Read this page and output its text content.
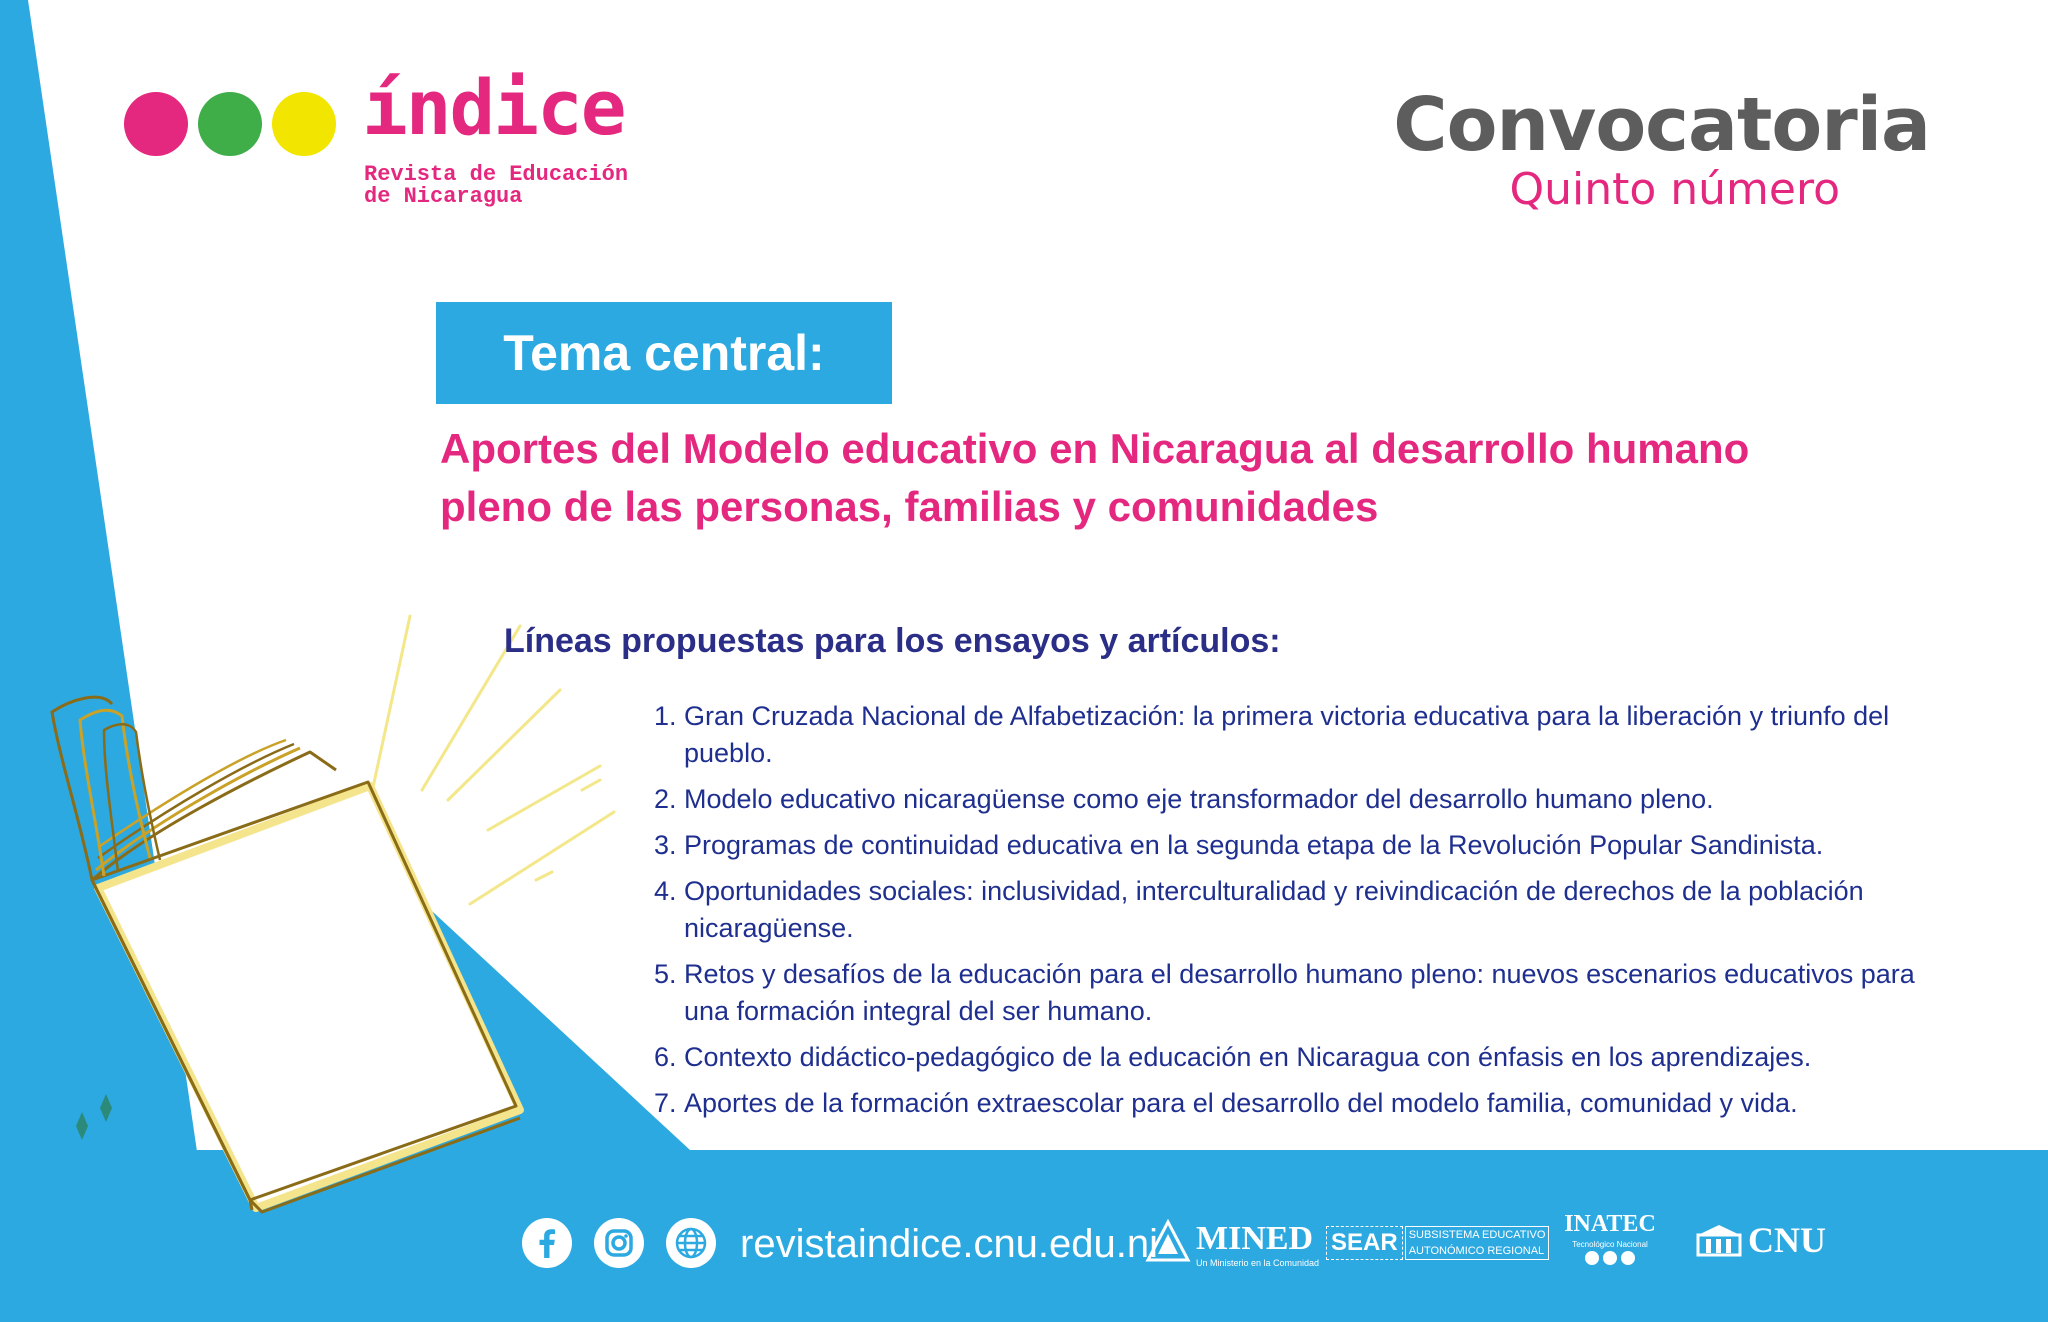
índice
Revista de Educación
de Nicaragua
Convocatoria
Quinto número
Tema central:
Aportes del Modelo educativo en Nicaragua al desarrollo humano pleno de las personas, familias y comunidades
Líneas propuestas para los ensayos y artículos:
1. Gran Cruzada Nacional de Alfabetización: la primera victoria educativa para la liberación y triunfo del pueblo.
2. Modelo educativo nicaragüense como eje transformador del desarrollo humano pleno.
3. Programas de continuidad educativa en la segunda etapa de la Revolución Popular Sandinista.
4. Oportunidades sociales: inclusividad, interculturalidad y reivindicación de derechos de la población nicaragüense.
5. Retos y desafíos de la educación para el desarrollo humano pleno: nuevos escenarios educativos para una formación integral del ser humano.
6. Contexto didáctico-pedagógico de la educación en Nicaragua con énfasis en los aprendizajes.
7. Aportes de la formación extraescolar para el desarrollo del modelo familia, comunidad y vida.
revistaindice.cnu.edu.ni MINED
Un Ministerio en la Comunidad
SEAR	SUBSISTEMA EDUCATIVO
AUTONÓMICO REGIONAL
INATEC
Tecnológico Nacional	CNU
